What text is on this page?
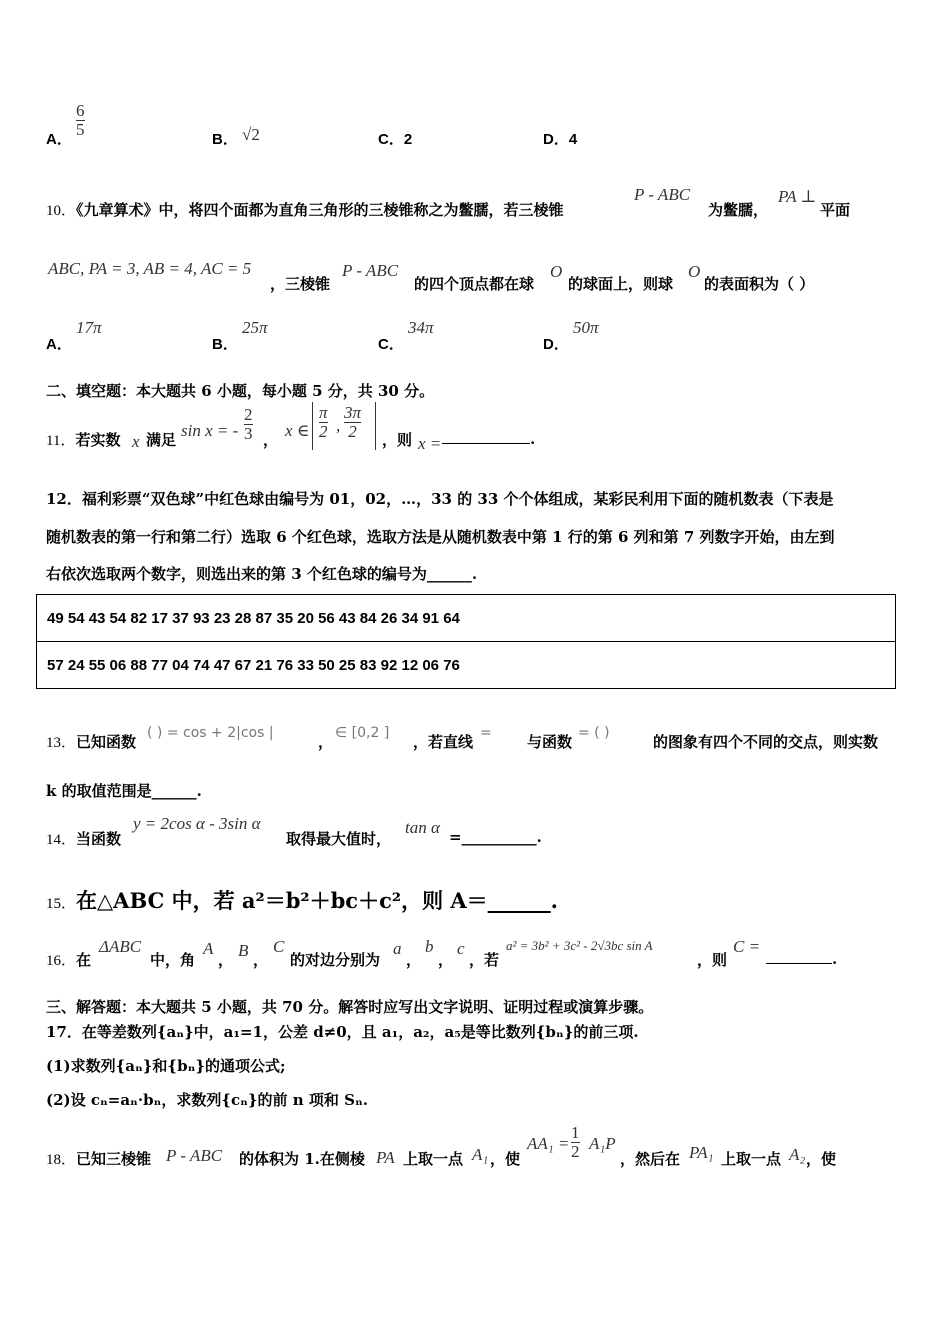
A．
$\frac{6}{5}$
B． √2	C．2	D．4
10．《九章算术》中，将四个面都为直角三角形的三棱锥称之为鳖臑，若三棱锥
P - ABC
为鳖臑，
PA ⊥
平面
ABC, PA = 3, AB = 4, AC = 5
，三棱锥
P - ABC
的四个顶点都在球
O
的球面上，则球
O
的表面积为（ ）
A．
17π
B．
25π
C．
34π
D．
50π
二、填空题：本大题共 6 小题，每小题 5 分，共 30 分。
11．若实数 x 满足 sin x = - $\frac{2}{3}$ ， x ∈ $\frac{\pi}{2}$ , $\frac{3\pi}{2}$ ，则 x =	.
12．福利彩票“双色球”中红色球由编号为 01，02，…，33 的 33 个个体组成，某彩民利用下面的随机数表（下表是
随机数表的第一行和第二行）选取 6 个红色球，选取方法是从随机数表中第 1 行的第 6 列和第 7 列数字开始，由左到
右依次选取两个数字，则选出来的第 3 个红色球的编号为______.
49 54 43 54 82 17 37 93 23 28 87 35 20 56 43 84 26 34 91 64
57 24 55 06 88 77 04 74 47 67 21 76 33 50 25 83 92 12 06 76
13．已知函数 ( ) = cos + 2|cos |	， ∈ [0,2 ] ，若直线 = 与函数 = ( )	的图象有四个不同的交点，则实数
k 的取值范围是______.
14．当函数
y = 2cos α - 3sin α
取得最大值时，
tan α =__________.
15．在△ABC 中，若 a²＝b²＋bc＋c²，则 A＝______.
16．在
ΔABC
中，角
A
， B ，
C
的对边分别为
a
，
b
，
c
，若
a² = 3b² + 3c² - 2√3bc sin A
，则
C =
.
三、解答题：本大题共 5 小题，共 70 分。解答时应写出文字说明、证明过程或演算步骤。
17．在等差数列{aₙ}中，a₁=1，公差 d≠0，且 a₁，a₂，a₅是等比数列{bₙ}的前三项.
(1)求数列{aₙ}和{bₙ}的通项公式;
(2)设 cₙ=aₙ·bₙ，求数列{cₙ}的前 n 项和 Sₙ.
18．已知三棱锥 P - ABC 的体积为 1.在侧棱 PA 上取一点 A₁ ，使
$AA_1 = \frac{1}{2} A_1P$
，然后在 PA₁ 上取一点 A₂ ，使
